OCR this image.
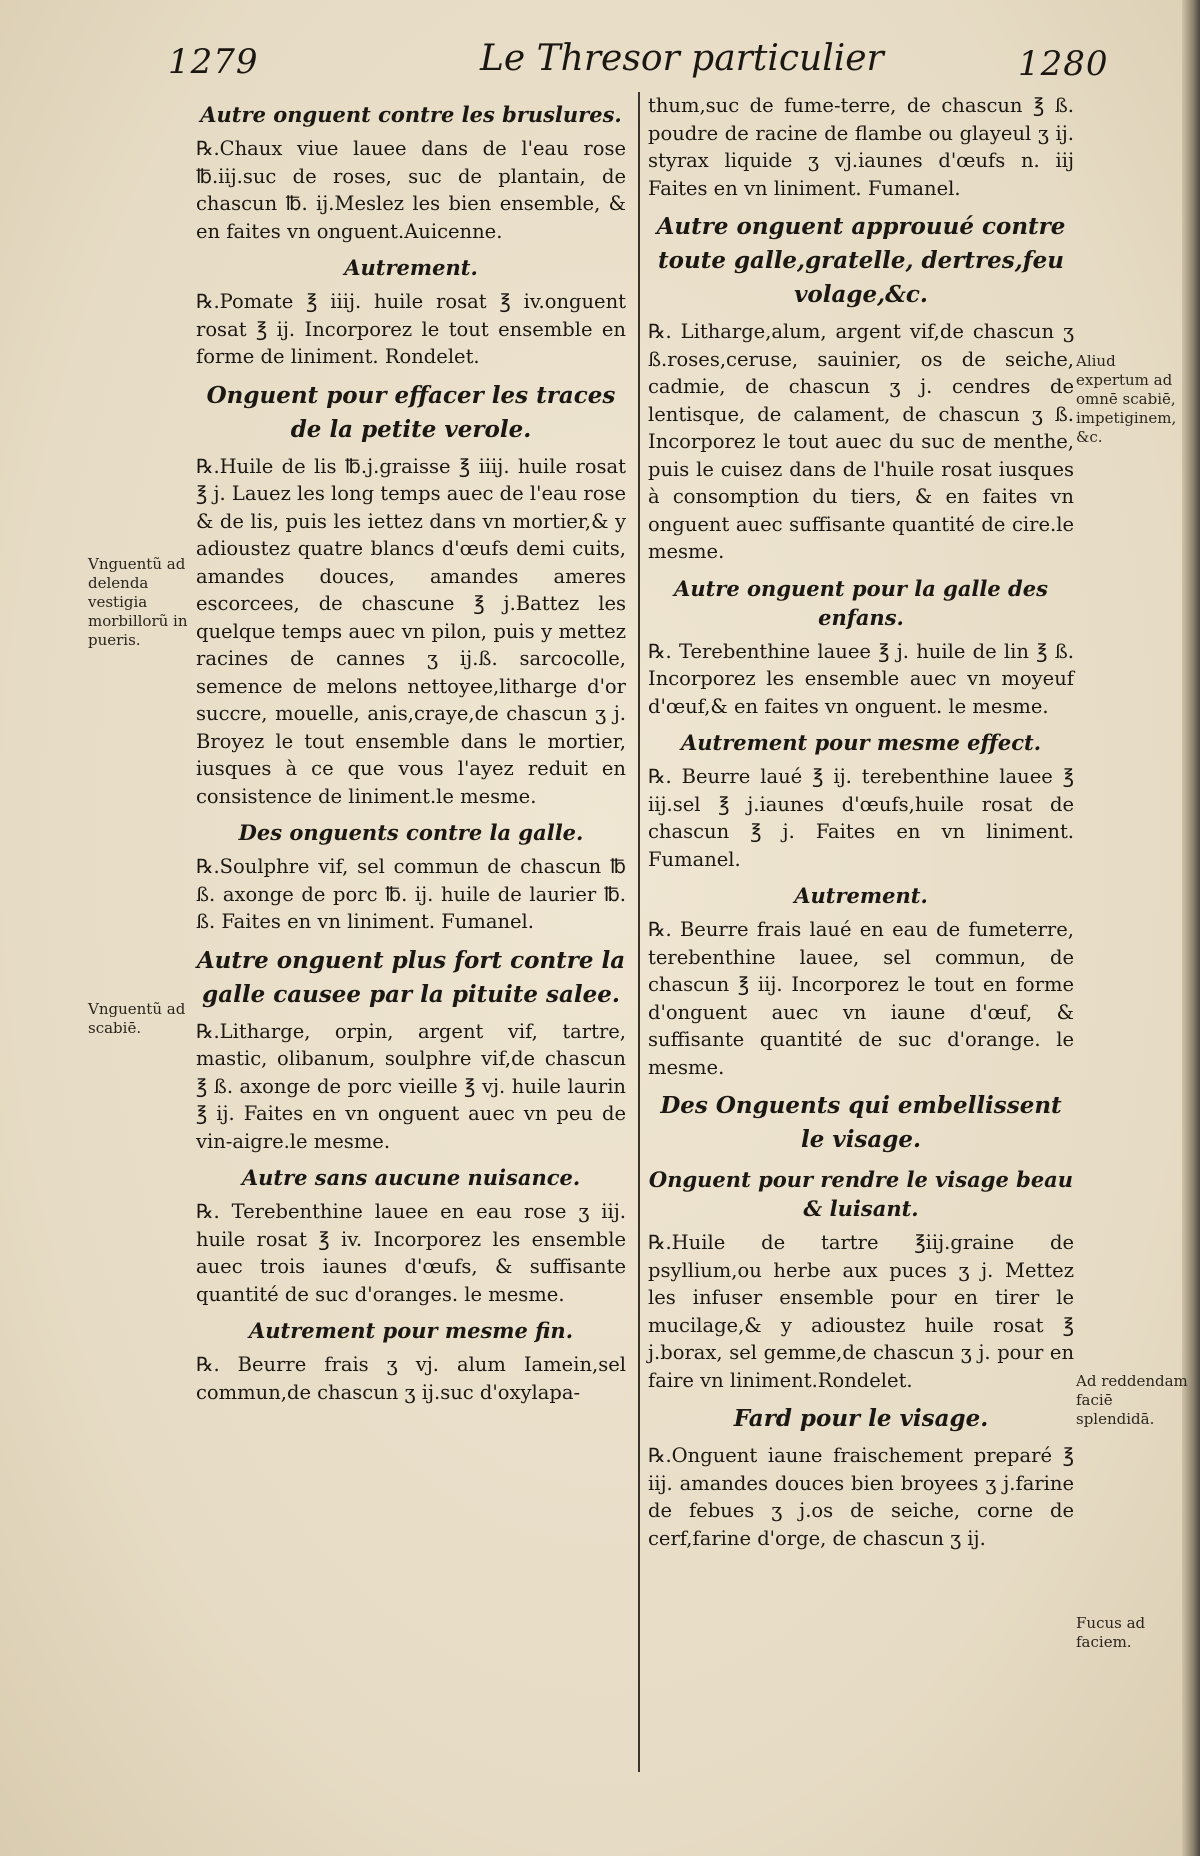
1279	Le Thresor particulier	1280
Autre onguent contre les bruslures.

℞.Chaux viue lauee dans de l'eau rose ℔.iij.suc de roses, suc de plantain, de chascun ℔. ij.Meslez les bien ensemble, & en faites vn onguent.Auicenne.

Autrement.

℞.Pomate ℥ iiij. huile rosat ℥ iv.onguent rosat ℥ ij. Incorporez le tout ensemble en forme de liniment. Rondelet.

Onguent pour effacer les traces de la petite verole.

℞.Huile de lis ℔.j.graisse ℥ iiij. huile rosat ℥ j. Lauez les long temps auec de l'eau rose & de lis, puis les iettez dans vn mortier,& y adioustez quatre blancs d'œufs demi cuits, amandes douces, amandes ameres escorcees, de chascune ℥ j.Battez les quelque temps auec vn pilon, puis y mettez racines de cannes ʒ ij.ß. sarcocolle, semence de melons nettoyee,litharge d'or succre, mouelle, anis,craye,de chascun ʒ j. Broyez le tout ensemble dans le mortier, iusques à ce que vous l'ayez reduit en consistence de liniment.le mesme.

Des onguents contre la galle.

℞.Soulphre vif, sel commun de chascun ℔ ß. axonge de porc ℔. ij. huile de laurier ℔. ß. Faites en vn liniment. Fumanel.

Autre onguent plus fort contre la galle causee par la pituite salee.

℞.Litharge, orpin, argent vif, tartre, mastic, olibanum, soulphre vif,de chascun ℥ ß. axonge de porc vieille ℥ vj. huile laurin ℥ ij. Faites en vn onguent auec vn peu de vin-aigre.le mesme.

Autre sans aucune nuisance.

℞. Terebenthine lauee en eau rose ʒ iij. huile rosat ℥ iv. Incorporez les ensemble auec trois iaunes d'œufs, & suffisante quantité de suc d'oranges. le mesme.

Autrement pour mesme fin.

℞. Beurre frais ʒ vj. alum Iamein,sel commun,de chascun ʒ ij.suc d'oxylapa-

thum,suc de fume-terre, de chascun ℥ ß. poudre de racine de flambe ou glayeul ʒ ij. styrax liquide ʒ vj.iaunes d'œufs n. iij Faites en vn liniment. Fumanel.

Autre onguent approuué contre toute galle,gratelle, dertres,feu volage,&c.

℞. Litharge,alum, argent vif,de chascun ʒ ß.roses,ceruse, sauinier, os de seiche, cadmie, de chascun ʒ j. cendres de lentisque, de calament, de chascun ʒ ß. Incorporez le tout auec du suc de menthe, puis le cuisez dans de l'huile rosat iusques à consomption du tiers, & en faites vn onguent auec suffisante quantité de cire.le mesme.

Autre onguent pour la galle des enfans.

℞. Terebenthine lauee ℥ j. huile de lin ℥ ß. Incorporez les ensemble auec vn moyeuf d'œuf,& en faites vn onguent. le mesme.

Autrement pour mesme effect.

℞. Beurre laué ℥ ij. terebenthine lauee ℥ iij.sel ℥ j.iaunes d'œufs,huile rosat de chascun ℥ j. Faites en vn liniment. Fumanel.

Autrement.

℞. Beurre frais laué en eau de fumeterre, terebenthine lauee, sel commun, de chascun ℥ iij. Incorporez le tout en forme d'onguent auec vn iaune d'œuf, & suffisante quantité de suc d'orange. le mesme.

Des Onguents qui embellissent le visage.
Onguent pour rendre le visage beau & luisant.

℞.Huile de tartre ℥iij.graine de psyllium,ou herbe aux puces ʒ j. Mettez les infuser ensemble pour en tirer le mucilage,& y adioustez huile rosat ℥ j.borax, sel gemme,de chascun ʒ j. pour en faire vn liniment.Rondelet.

Fard pour le visage.

℞.Onguent iaune fraischement preparé ℥ iij. amandes douces bien broyees ʒ j.farine de febues ʒ j.os de seiche, corne de cerf,farine d'orge, de chascun ʒ ij.

Vnguentũ ad delenda vestigia morbillorũ in pueris.
Vnguentũ ad scabiē.
Aliud expertum ad omnē scabiē, impetiginem, &c.
Ad reddendam faciē splendidā.
Fucus ad faciem.
